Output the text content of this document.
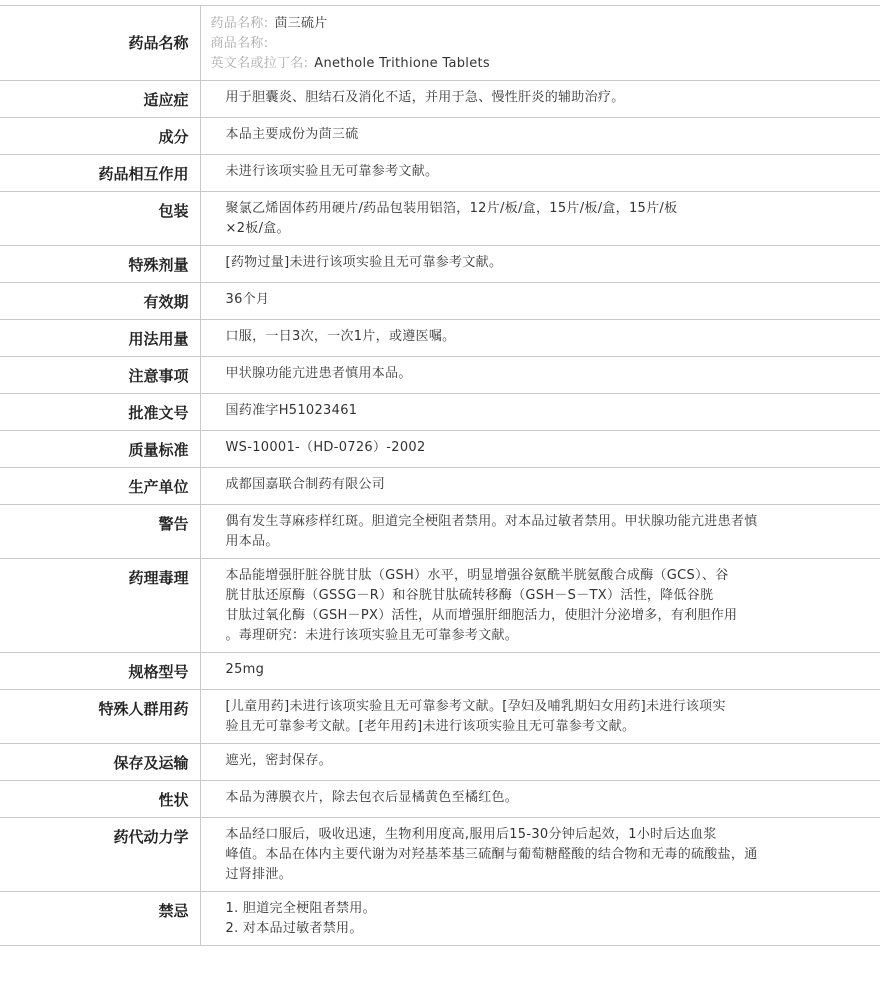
药品名称	药品名称: 茴三硫片
商品名称:
英文名或拉丁名: Anethole Trithione Tablets

适应症	用于胆囊炎、胆结石及消化不适，并用于急、慢性肝炎的辅助治疗。

成分	本品主要成份为茴三硫

药品相互作用	未进行该项实验且无可靠参考文献。

包装	聚氯乙烯固体药用硬片/药品包装用铝箔，12片/板/盒，15片/板/盒，15片/板
×2板/盒。

特殊剂量	[药物过量]未进行该项实验且无可靠参考文献。

有效期	36个月

用法用量	口服，一日3次，一次1片，或遵医嘱。

注意事项	甲状腺功能亢进患者慎用本品。

批准文号	国药准字H51023461

质量标准	WS-10001-（HD-0726）-2002

生产单位	成都国嘉联合制药有限公司

警告	偶有发生荨麻疹样红斑。胆道完全梗阻者禁用。对本品过敏者禁用。甲状腺功能亢进患者慎
用本品。

药理毒理	本品能增强肝脏谷胱甘肽（GSH）水平，明显增强谷氨酰半胱氨酸合成酶（GCS）、谷
胱甘肽还原酶（GSSG－R）和谷胱甘肽硫转移酶（GSH－S－TX）活性，降低谷胱
甘肽过氧化酶（GSH－PX）活性，从而增强肝细胞活力，使胆汁分泌增多，有利胆作用
。毒理研究：未进行该项实验且无可靠参考文献。

规格型号	25mg

特殊人群用药	[儿童用药]未进行该项实验且无可靠参考文献。[孕妇及哺乳期妇女用药]未进行该项实
验且无可靠参考文献。[老年用药]未进行该项实验且无可靠参考文献。

保存及运输	遮光，密封保存。

性状	本品为薄膜衣片，除去包衣后显橘黄色至橘红色。

药代动力学	本品经口服后，吸收迅速，生物利用度高,服用后15-30分钟后起效，1小时后达血浆
峰值。本品在体内主要代谢为对羟基苯基三硫酮与葡萄糖醛酸的结合物和无毒的硫酸盐，通
过肾排泄。

禁忌	1. 胆道完全梗阻者禁用。
2. 对本品过敏者禁用。
